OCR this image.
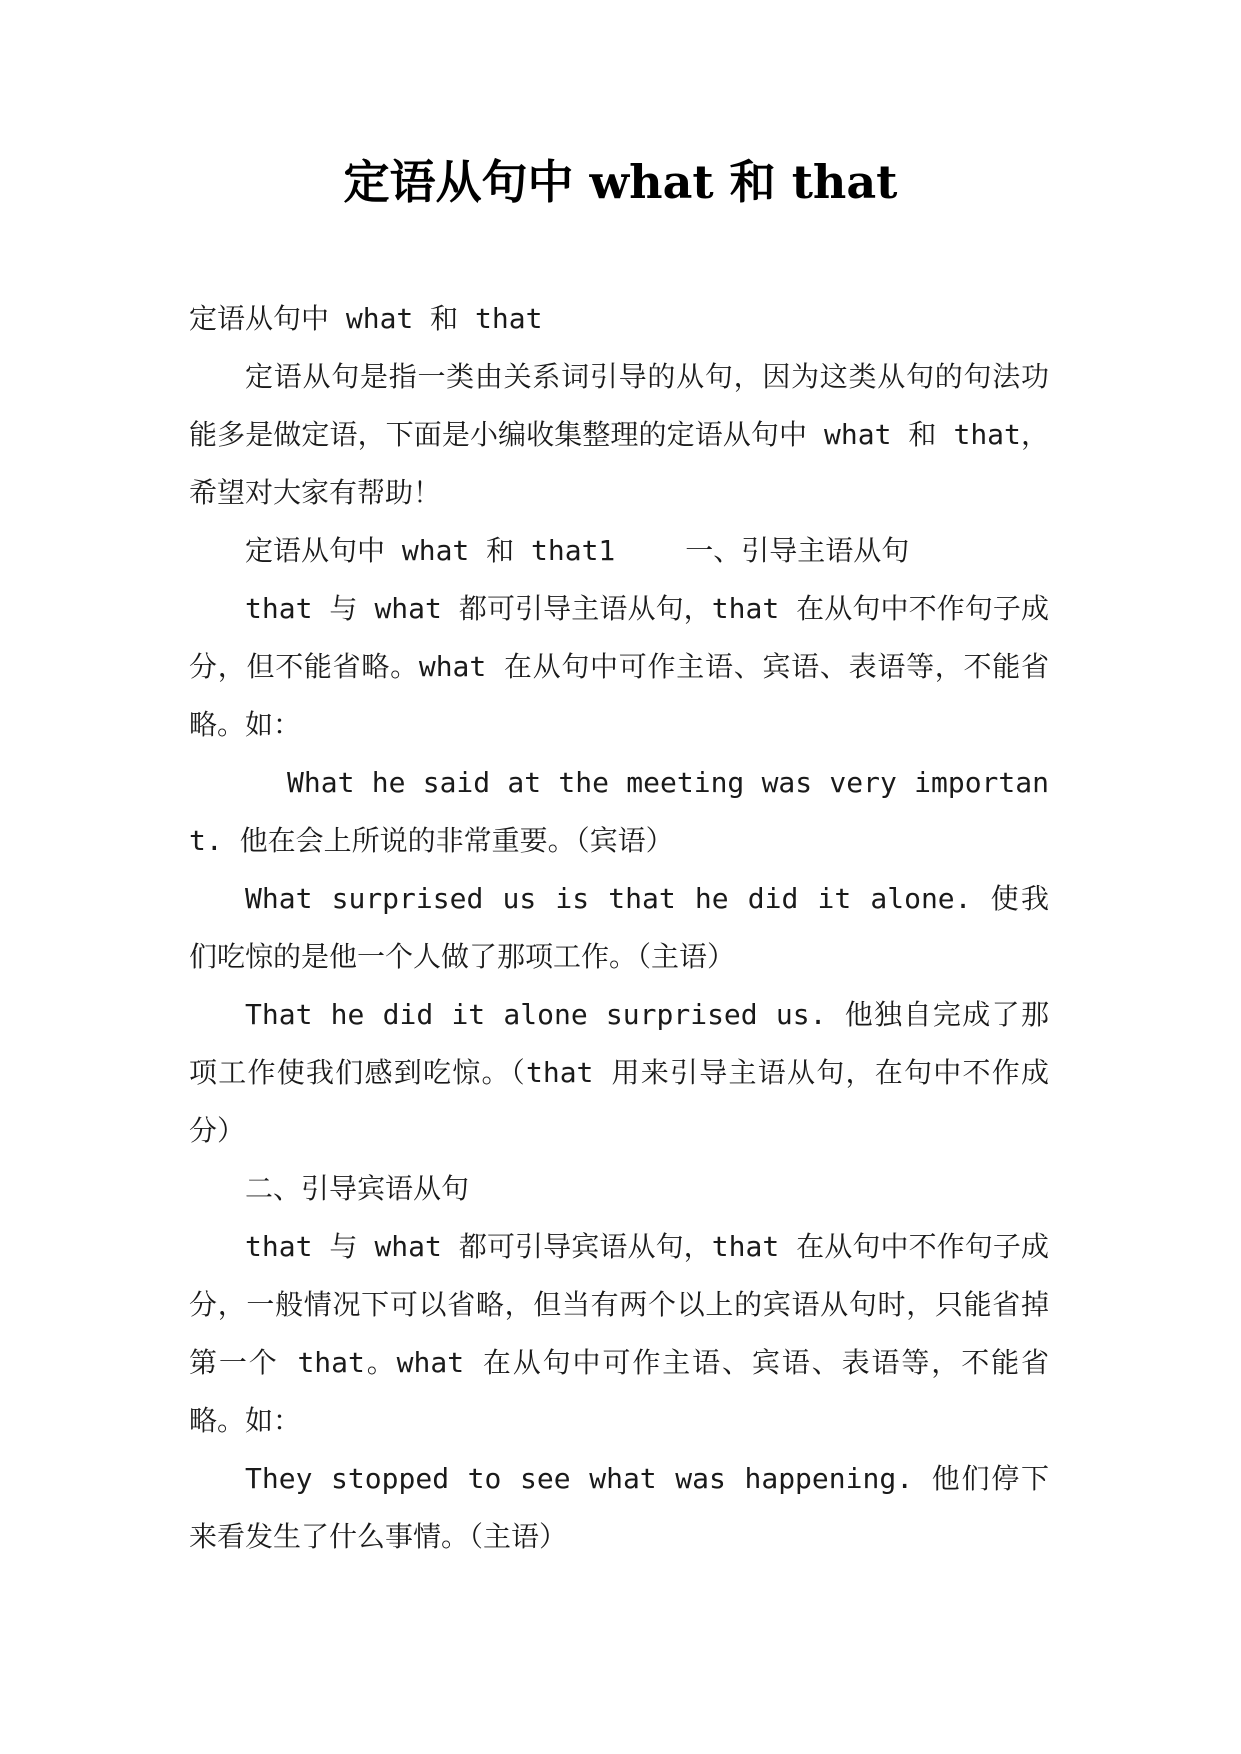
定语从句中 what 和 that

定语从句中 what 和 that

定语从句是指一类由关系词引导的从句，因为这类从句的句法功能多是做定语，下面是小编收集整理的定语从句中 what 和 that，希望对大家有帮助！

定语从句中 what 和 that1	一、引导主语从句

that 与 what 都可引导主语从句，that 在从句中不作句子成分，但不能省略。what 在从句中可作主语、宾语、表语等，不能省略。如：

What he said at the meeting was very important. 他在会上所说的非常重要。（宾语）

What surprised us is that he did it alone. 使我们吃惊的是他一个人做了那项工作。（主语）

That he did it alone surprised us. 他独自完成了那项工作使我们感到吃惊。（that 用来引导主语从句，在句中不作成分）

二、引导宾语从句

that 与 what 都可引导宾语从句，that 在从句中不作句子成分，一般情况下可以省略，但当有两个以上的宾语从句时，只能省掉第一个 that。what 在从句中可作主语、宾语、表语等，不能省略。如：

They stopped to see what was happening. 他们停下来看发生了什么事情。（主语）
